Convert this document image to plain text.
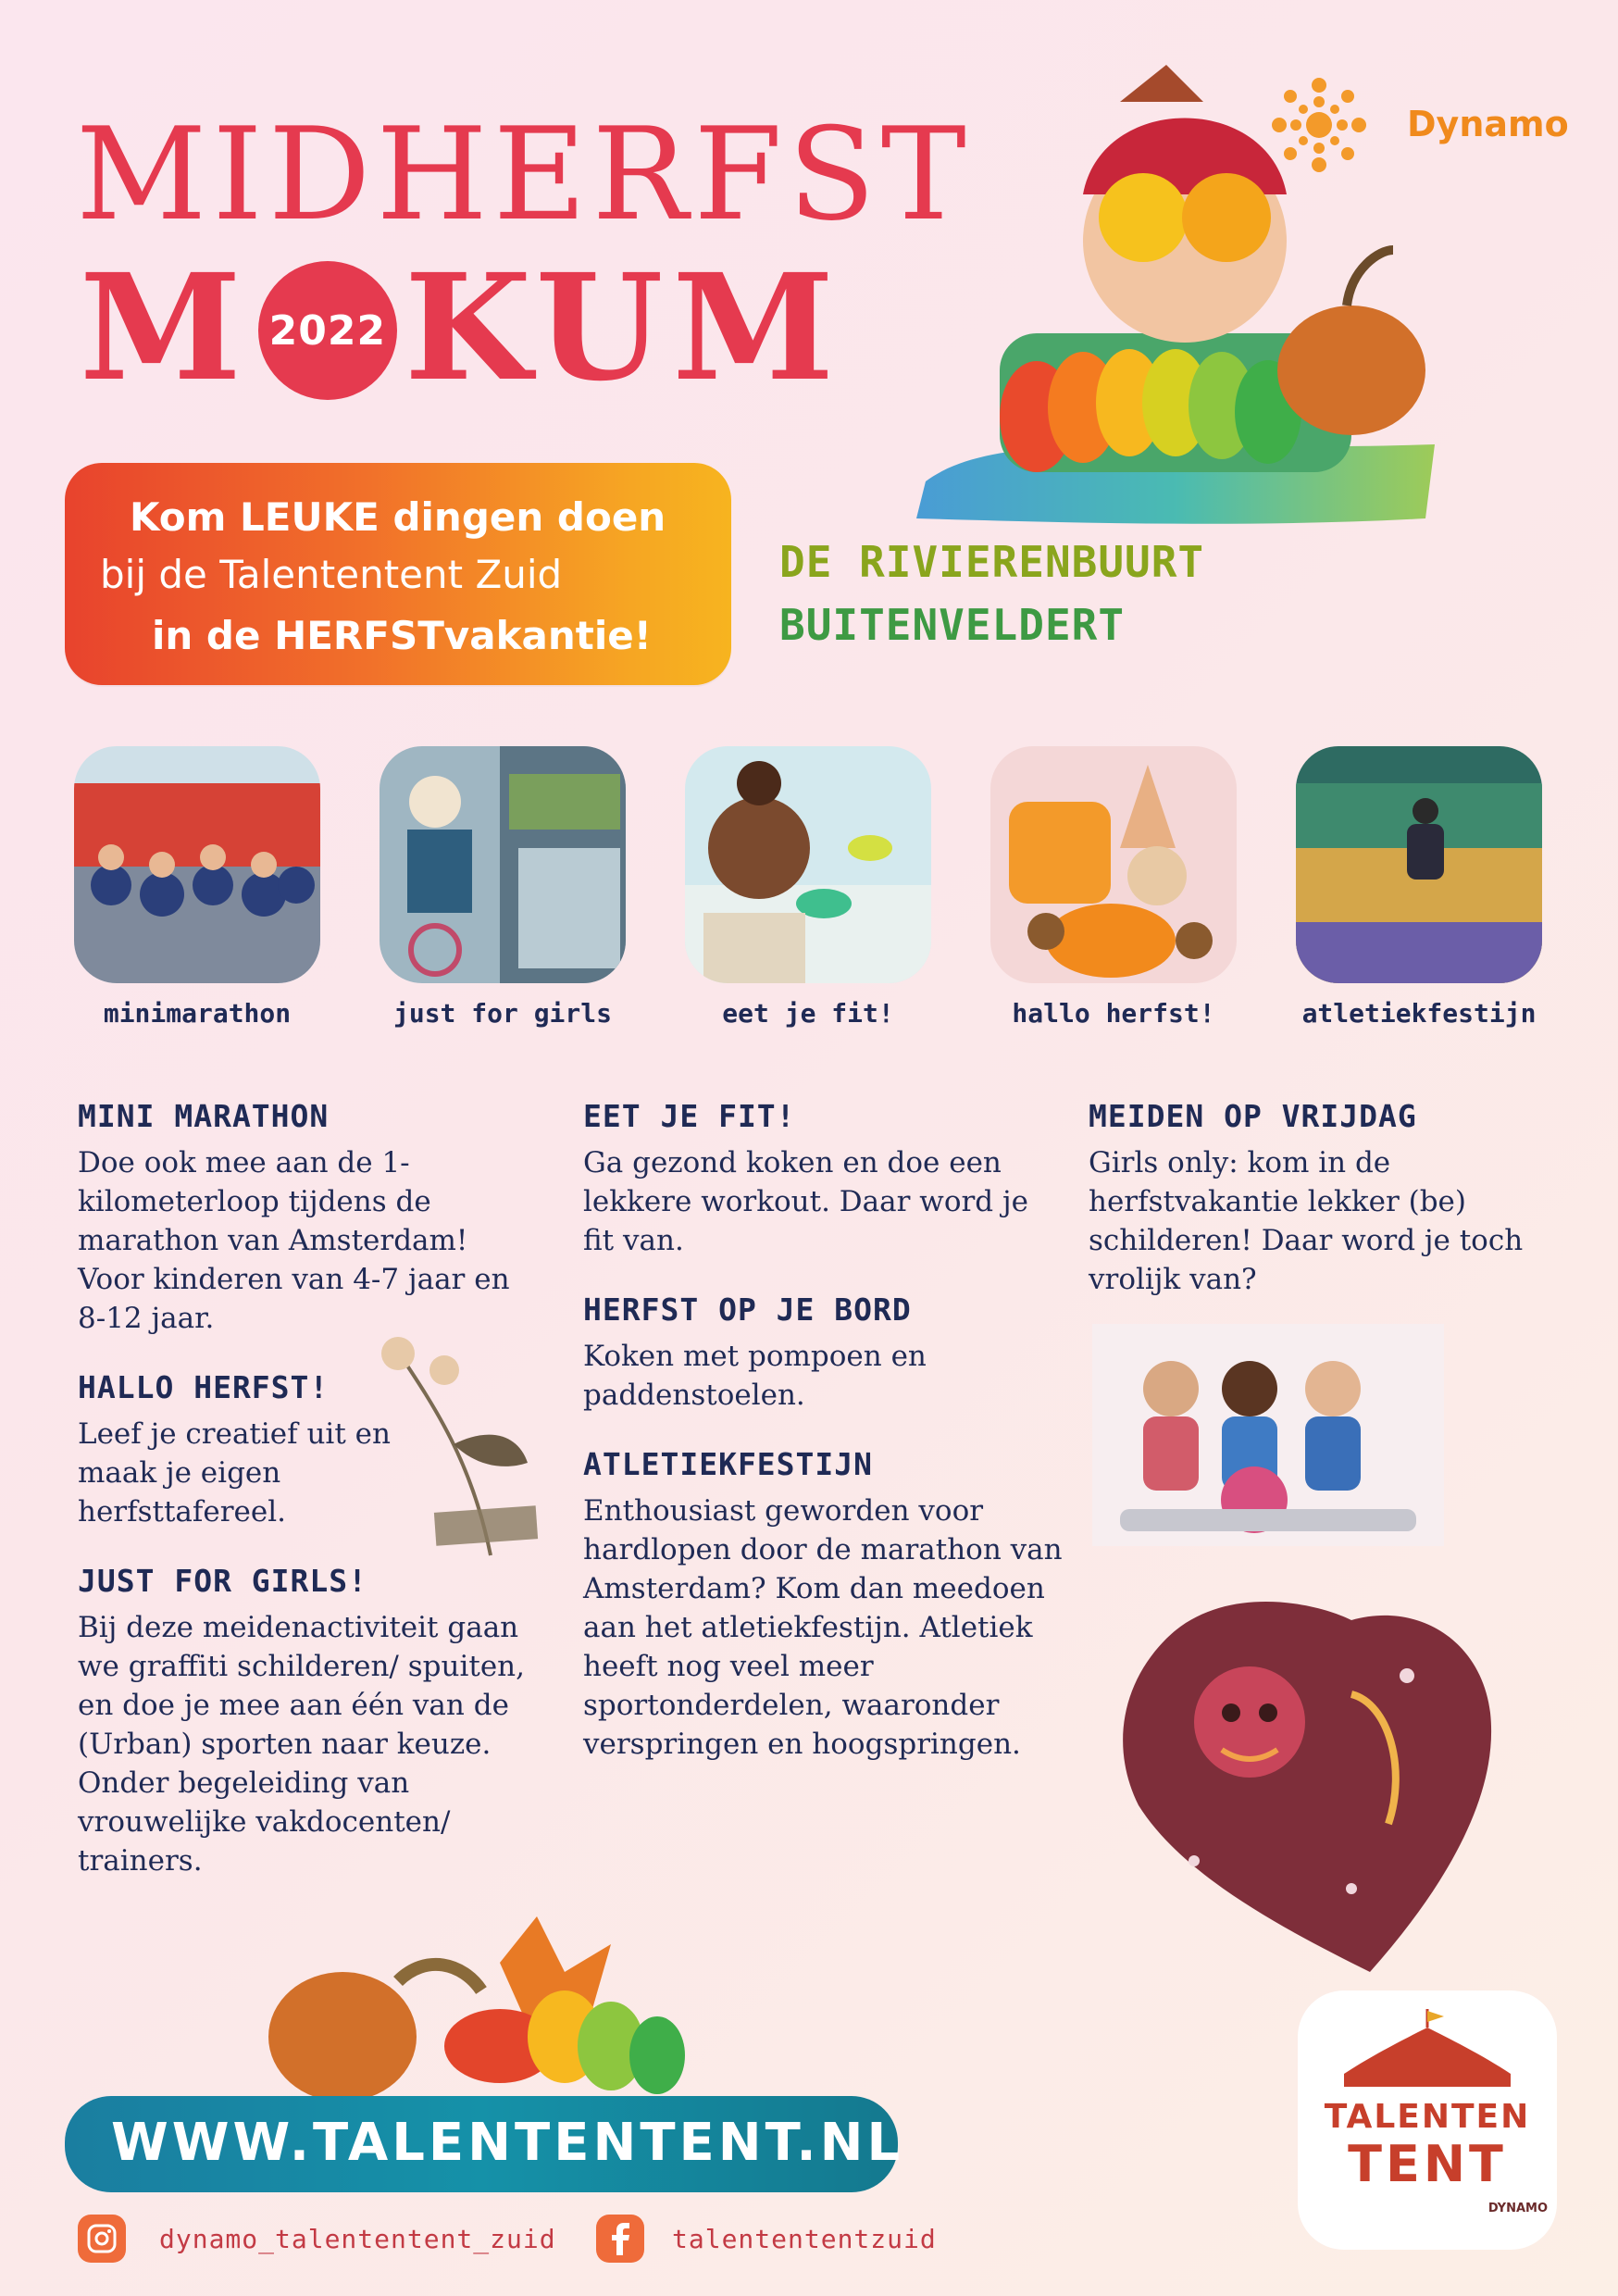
MIDHERFST
M 2022 KUM
Dynamo
Kom LEUKE dingen doen
bij de Talententent Zuid
in de HERFSTvakantie!
DE RIVIERENBUURT
BUITENVELDERT
minimarathon	just for girls	eet je fit!	hallo herfst!	atletiekfestijn
MINI MARATHON
Doe ook mee aan de 1-kilometerloop tijdens de marathon van Amsterdam! Voor kinderen van 4-7 jaar en 8-12 jaar.
HALLO HERFST!
Leef je creatief uit en maak je eigen herfsttafereel.
JUST FOR GIRLS!
Bij deze meidenactiviteit gaan we graffiti schilderen/ spuiten, en doe je mee aan één van de (Urban) sporten naar keuze. Onder begeleiding van vrouwelijke vakdocenten/ trainers.
EET JE FIT!
Ga gezond koken en doe een lekkere workout. Daar word je fit van.
HERFST OP JE BORD
Koken met pompoen en paddenstoelen.
ATLETIEKFESTIJN
Enthousiast geworden voor hardlopen door de marathon van Amsterdam? Kom dan meedoen aan het atletiekfestijn. Atletiek heeft nog veel meer sportonderdelen, waaronder verspringen en hoogspringen.
MEIDEN OP VRIJDAG
Girls only: kom in de herfstvakantie lekker (be) schilderen! Daar word je toch vrolijk van?
WWW.TALENTENTENT.NL
dynamo_talententent_zuid	talentententzuid
TALENTEN
TENT
DYNAMO
